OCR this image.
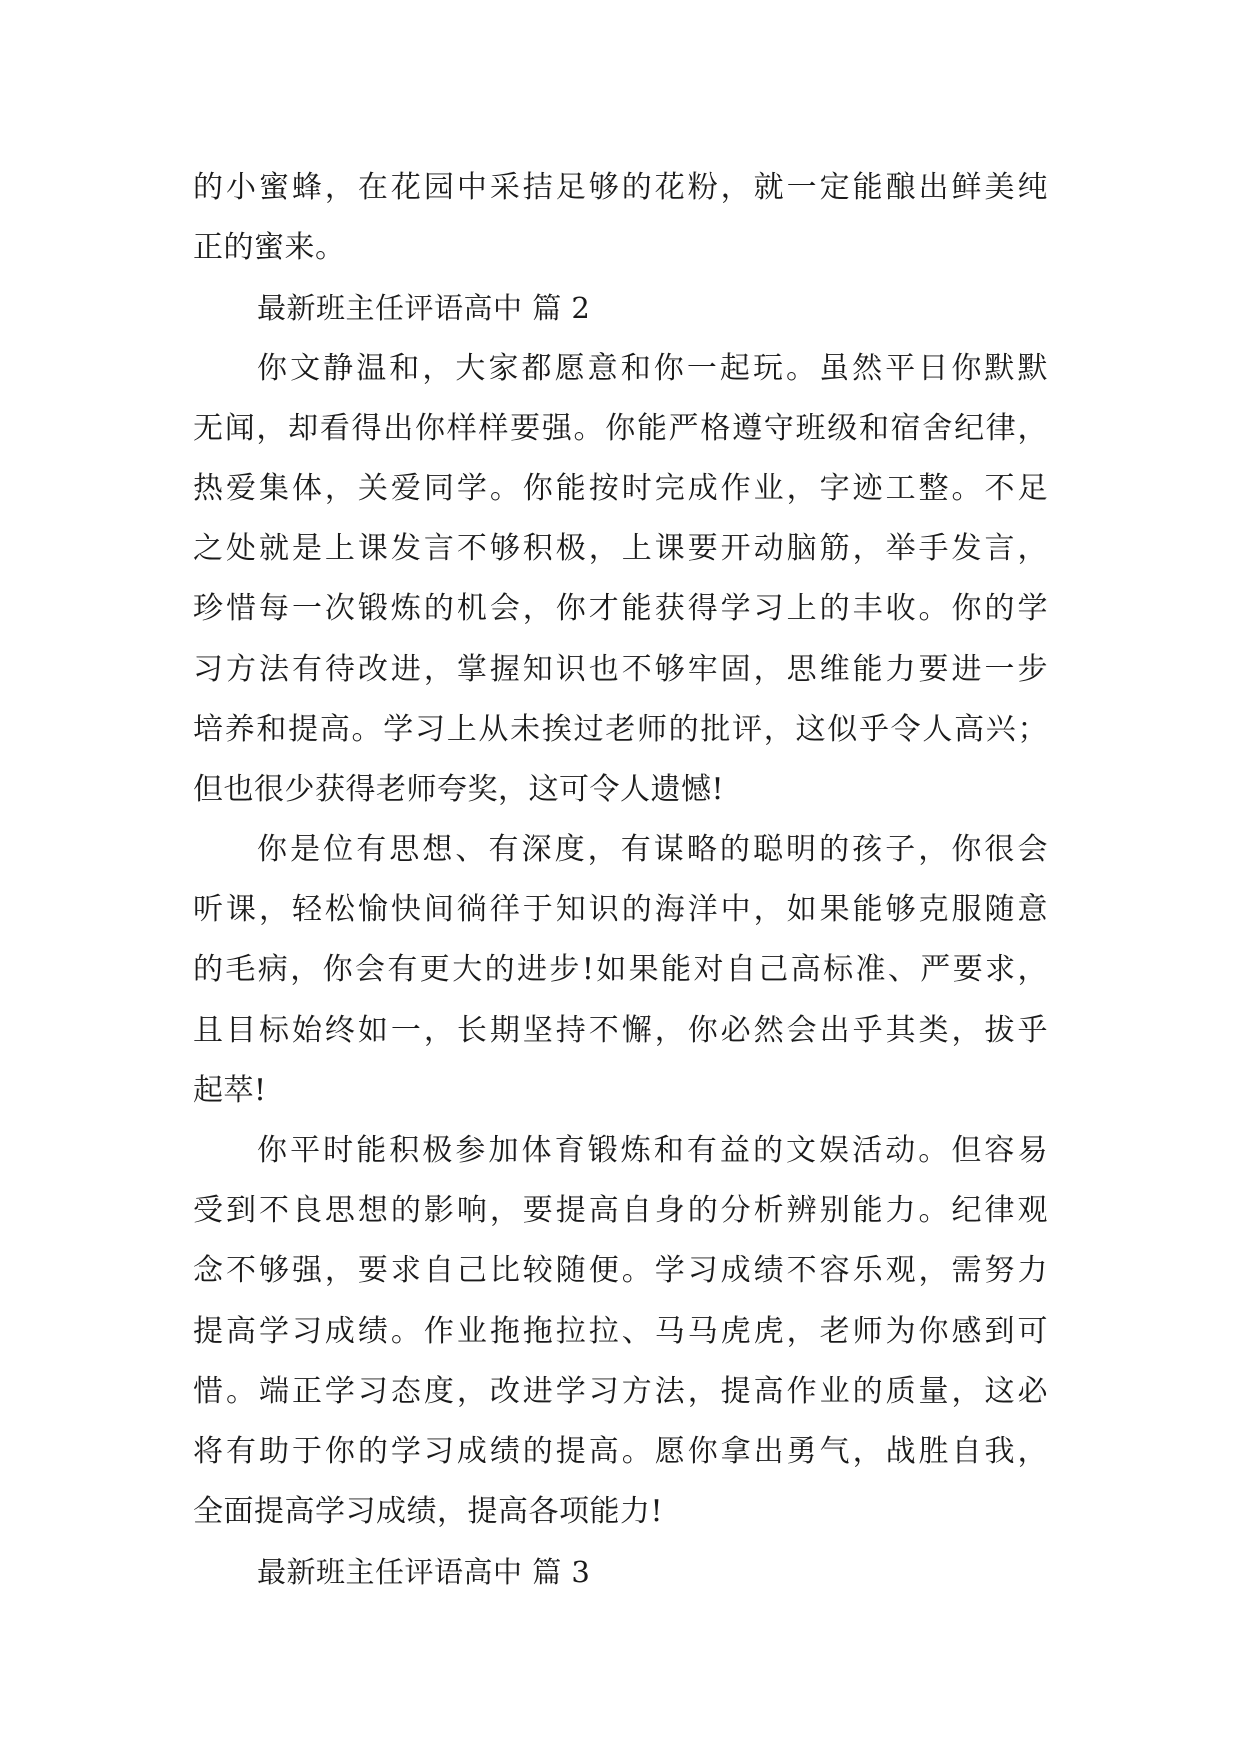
的小蜜蜂，在花园中采拮足够的花粉，就一定能酿出鲜美纯
正的蜜来。
最新班主任评语高中 篇 2
你文静温和，大家都愿意和你一起玩。虽然平日你默默
无闻，却看得出你样样要强。你能严格遵守班级和宿舍纪律，
热爱集体，关爱同学。你能按时完成作业，字迹工整。不足
之处就是上课发言不够积极，上课要开动脑筋，举手发言，
珍惜每一次锻炼的机会，你才能获得学习上的丰收。你的学
习方法有待改进，掌握知识也不够牢固，思维能力要进一步
培养和提高。学习上从未挨过老师的批评，这似乎令人高兴；
但也很少获得老师夸奖，这可令人遗憾!
你是位有思想、有深度，有谋略的聪明的孩子，你很会
听课，轻松愉快间徜徉于知识的海洋中，如果能够克服随意
的毛病，你会有更大的进步!如果能对自己高标准、严要求，
且目标始终如一，长期坚持不懈，你必然会出乎其类，拔乎
起萃!
你平时能积极参加体育锻炼和有益的文娱活动。但容易
受到不良思想的影响，要提高自身的分析辨别能力。纪律观
念不够强，要求自己比较随便。学习成绩不容乐观，需努力
提高学习成绩。作业拖拖拉拉、马马虎虎，老师为你感到可
惜。端正学习态度，改进学习方法，提高作业的质量，这必
将有助于你的学习成绩的提高。愿你拿出勇气，战胜自我，
全面提高学习成绩，提高各项能力!
最新班主任评语高中 篇 3
